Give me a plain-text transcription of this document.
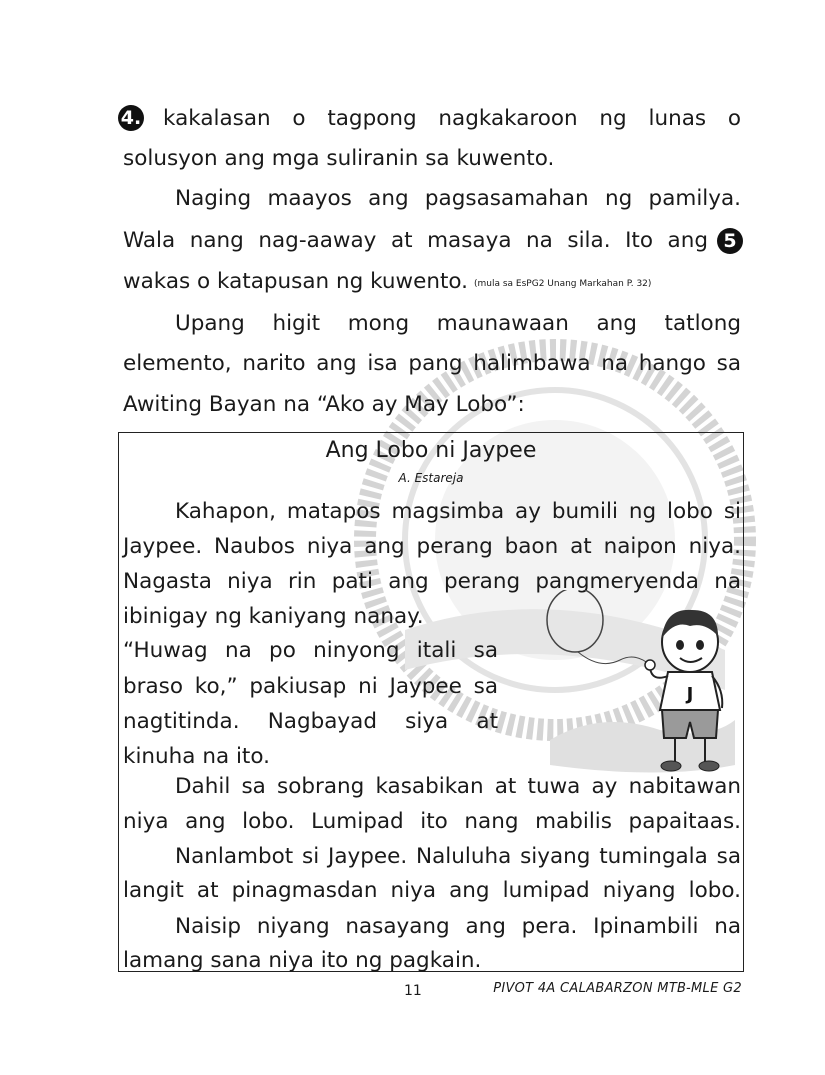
4. kakalasan o tagpong nagkakaroon ng lunas o
solusyon ang mga suliranin sa kuwento.
Naging maayos ang pagsasamahan ng pamilya.
Wala nang nag-aaway at masaya na sila. Ito ang 5
wakas o katapusan ng kuwento. (mula sa EsPG2 Unang Markahan P. 32)
Upang higit mong maunawaan ang tatlong
elemento, narito ang isa pang halimbawa na hango sa
Awiting Bayan na “Ako ay May Lobo”:
Ang Lobo ni Jaypee
A. Estareja
Kahapon, matapos magsimba ay bumili ng lobo si
Jaypee. Naubos niya ang perang baon at naipon niya.
Nagasta niya rin pati ang perang pangmeryenda na
ibinigay ng kaniyang nanay.
“Huwag na po ninyong itali sa
braso ko,” pakiusap ni Jaypee sa
nagtitinda. Nagbayad siya at
kinuha na ito.
Dahil sa sobrang kasabikan at tuwa ay nabitawan
niya ang lobo. Lumipad ito nang mabilis papaitaas.
Nanlambot si Jaypee. Naluluha siyang tumingala sa
langit at pinagmasdan niya ang lumipad niyang lobo.
Naisip niyang nasayang ang pera. Ipinambili na
lamang sana niya ito ng pagkain.
J
11	PIVOT 4A CALABARZON MTB-MLE G2
